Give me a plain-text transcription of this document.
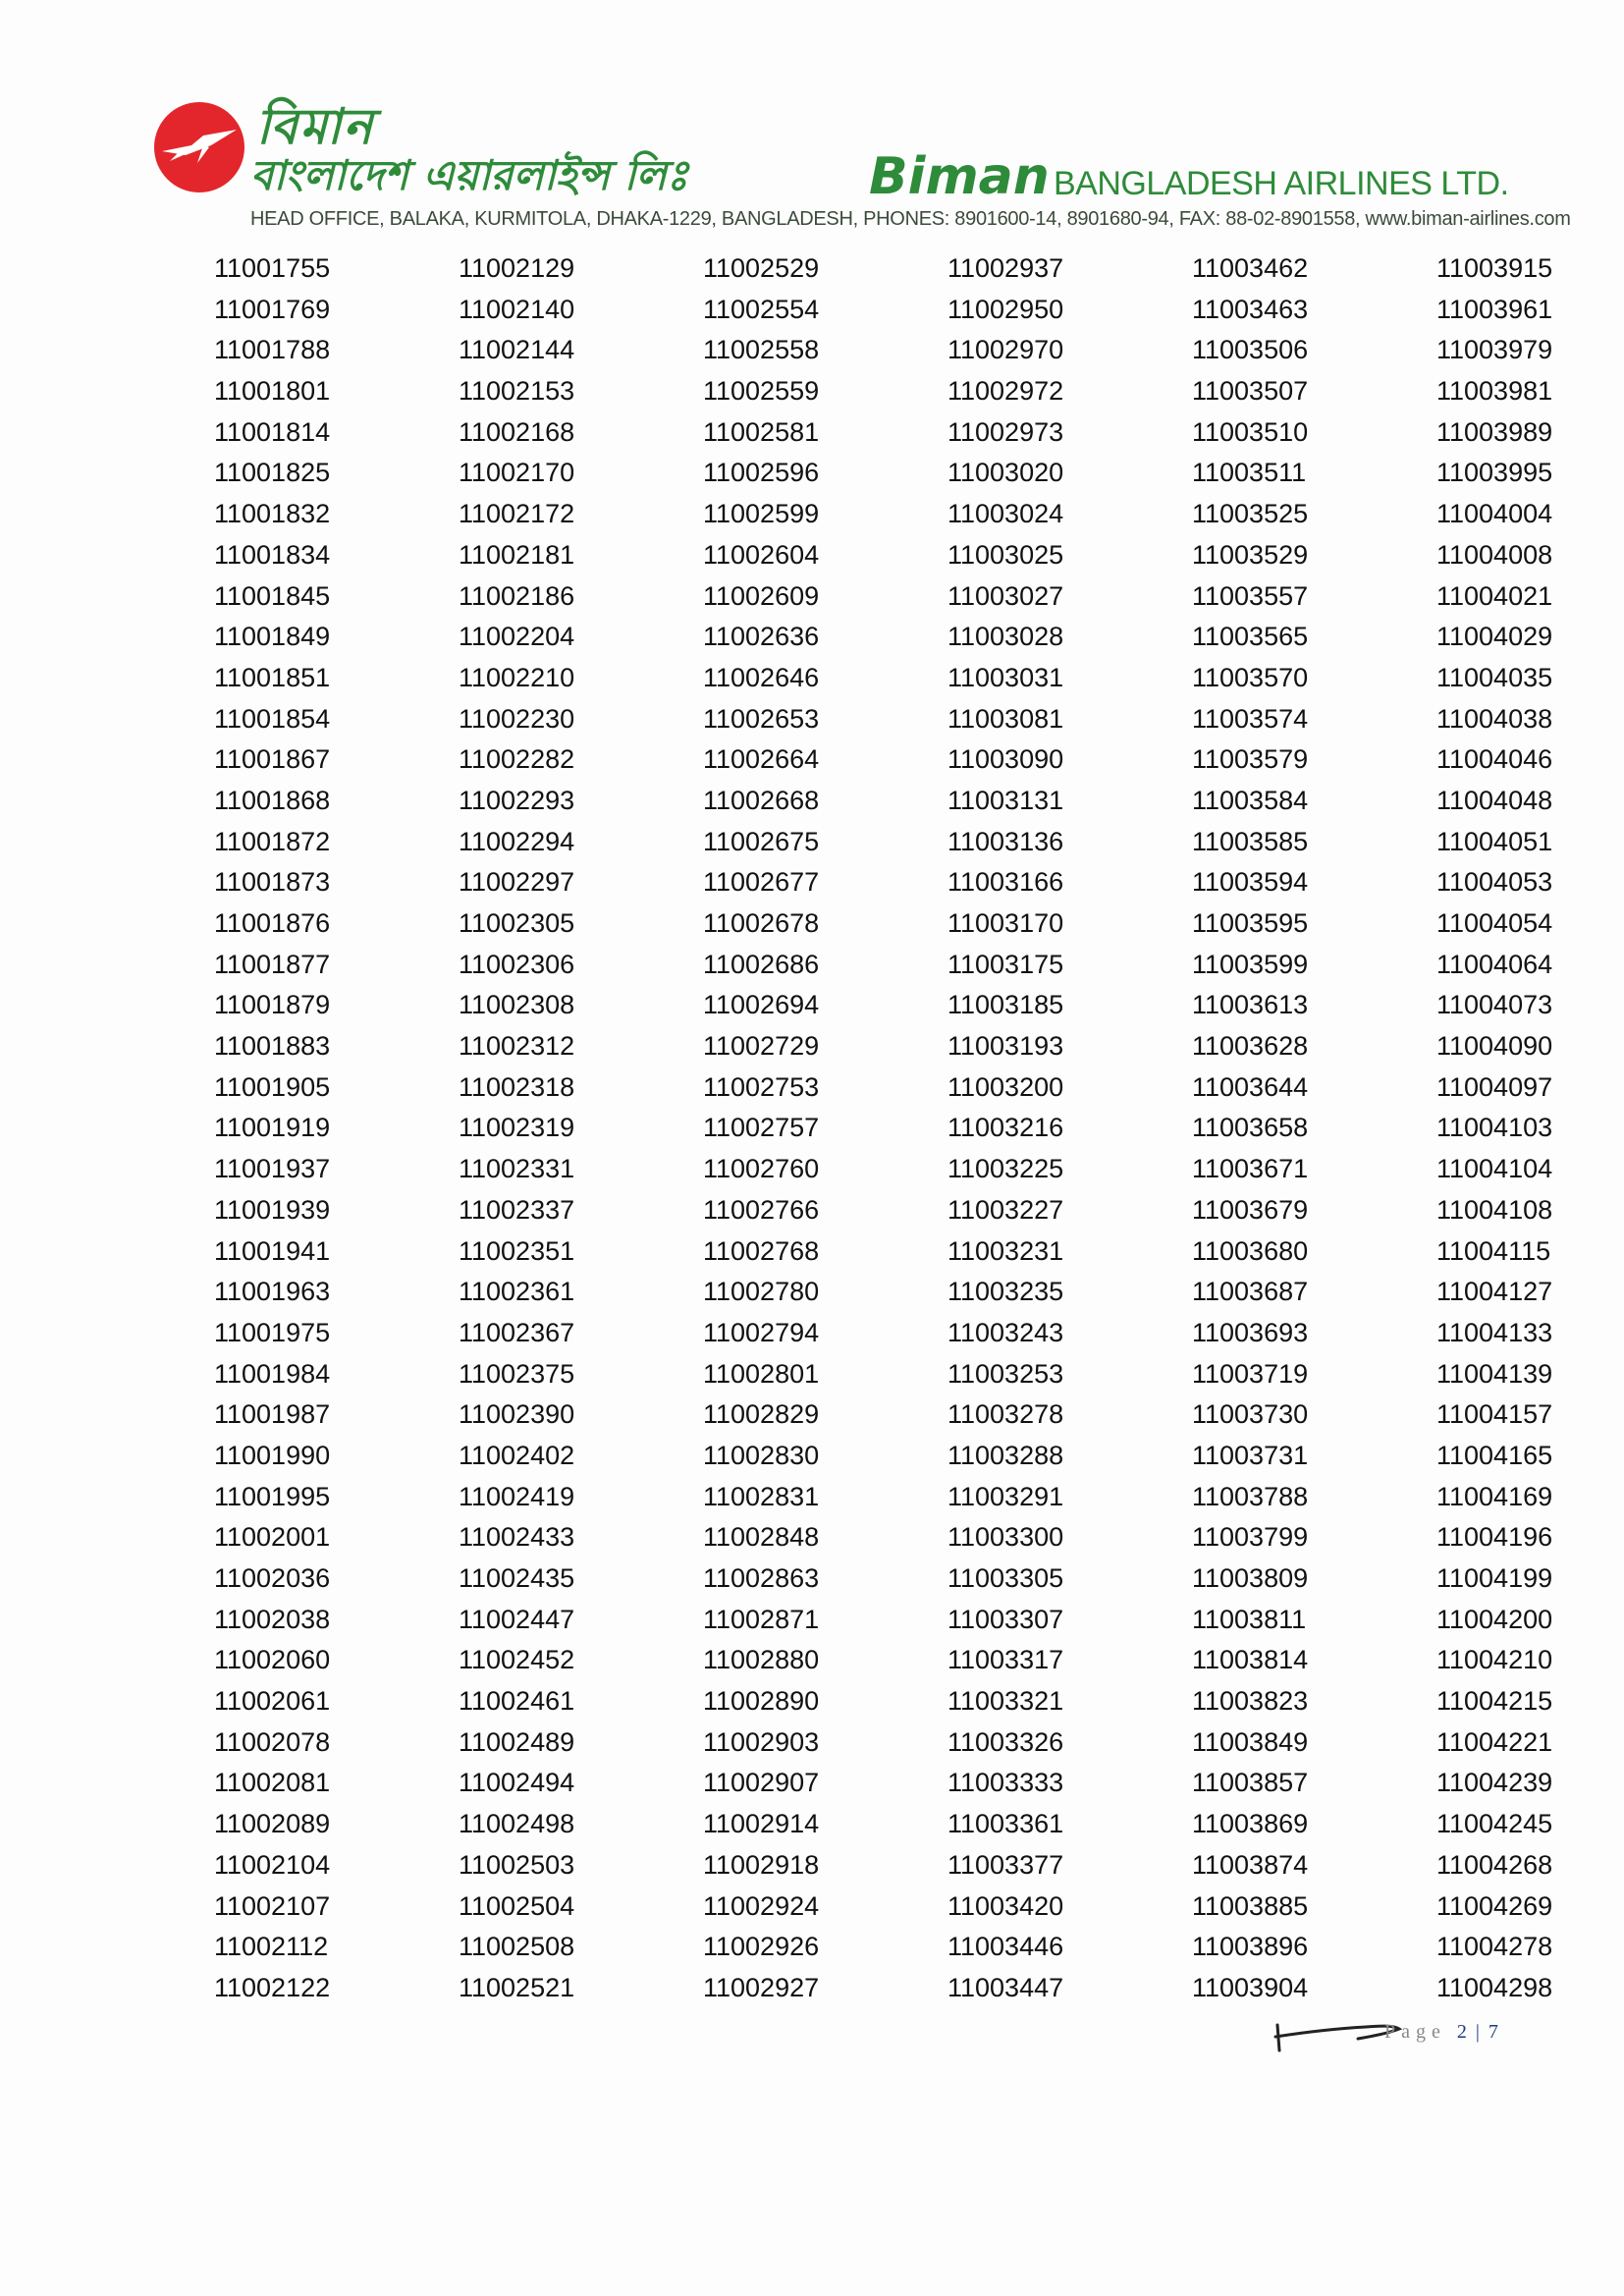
বিমান
বাংলাদেশ এয়ারলাইন্স লিঃ	Biman BANGLADESH AIRLINES LTD.
HEAD OFFICE, BALAKA, KURMITOLA, DHAKA-1229, BANGLADESH, PHONES: 8901600-14, 8901680-94, FAX: 88-02-8901558, www.biman-airlines.com
11001755
11001769
11001788
11001801
11001814
11001825
11001832
11001834
11001845
11001849
11001851
11001854
11001867
11001868
11001872
11001873
11001876
11001877
11001879
11001883
11001905
11001919
11001937
11001939
11001941
11001963
11001975
11001984
11001987
11001990
11001995
11002001
11002036
11002038
11002060
11002061
11002078
11002081
11002089
11002104
11002107
11002112
11002122
11002129
11002140
11002144
11002153
11002168
11002170
11002172
11002181
11002186
11002204
11002210
11002230
11002282
11002293
11002294
11002297
11002305
11002306
11002308
11002312
11002318
11002319
11002331
11002337
11002351
11002361
11002367
11002375
11002390
11002402
11002419
11002433
11002435
11002447
11002452
11002461
11002489
11002494
11002498
11002503
11002504
11002508
11002521
11002529
11002554
11002558
11002559
11002581
11002596
11002599
11002604
11002609
11002636
11002646
11002653
11002664
11002668
11002675
11002677
11002678
11002686
11002694
11002729
11002753
11002757
11002760
11002766
11002768
11002780
11002794
11002801
11002829
11002830
11002831
11002848
11002863
11002871
11002880
11002890
11002903
11002907
11002914
11002918
11002924
11002926
11002927
11002937
11002950
11002970
11002972
11002973
11003020
11003024
11003025
11003027
11003028
11003031
11003081
11003090
11003131
11003136
11003166
11003170
11003175
11003185
11003193
11003200
11003216
11003225
11003227
11003231
11003235
11003243
11003253
11003278
11003288
11003291
11003300
11003305
11003307
11003317
11003321
11003326
11003333
11003361
11003377
11003420
11003446
11003447
11003462
11003463
11003506
11003507
11003510
11003511
11003525
11003529
11003557
11003565
11003570
11003574
11003579
11003584
11003585
11003594
11003595
11003599
11003613
11003628
11003644
11003658
11003671
11003679
11003680
11003687
11003693
11003719
11003730
11003731
11003788
11003799
11003809
11003811
11003814
11003823
11003849
11003857
11003869
11003874
11003885
11003896
11003904
11003915
11003961
11003979
11003981
11003989
11003995
11004004
11004008
11004021
11004029
11004035
11004038
11004046
11004048
11004051
11004053
11004054
11004064
11004073
11004090
11004097
11004103
11004104
11004108
11004115
11004127
11004133
11004139
11004157
11004165
11004169
11004196
11004199
11004200
11004210
11004215
11004221
11004239
11004245
11004268
11004269
11004278
11004298
Page 2 | 7
